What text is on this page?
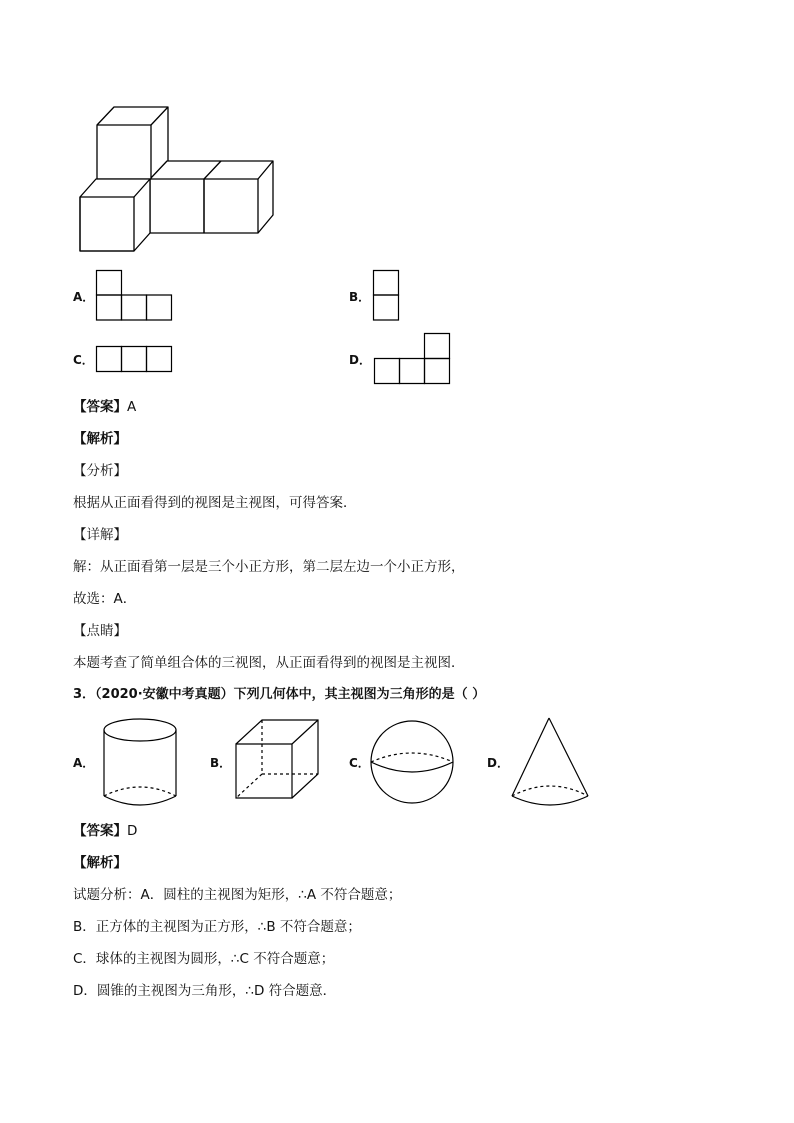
A．	B．
C．	D．
【答案】A
【解析】
【分析】
根据从正面看得到的视图是主视图，可得答案．
【详解】
解：从正面看第一层是三个小正方形，第二层左边一个小正方形，
故选：A．
【点睛】
本题考查了简单组合体的三视图，从正面看得到的视图是主视图．
3．（2020·安徽中考真题）下列几何体中，其主视图为三角形的是（ ）
A．	B．	C．	D．
【答案】D
【解析】
试题分析：A．圆柱的主视图为矩形，∴A 不符合题意；
B．正方体的主视图为正方形，∴B 不符合题意；
C．球体的主视图为圆形，∴C 不符合题意；
D．圆锥的主视图为三角形，∴D 符合题意．
